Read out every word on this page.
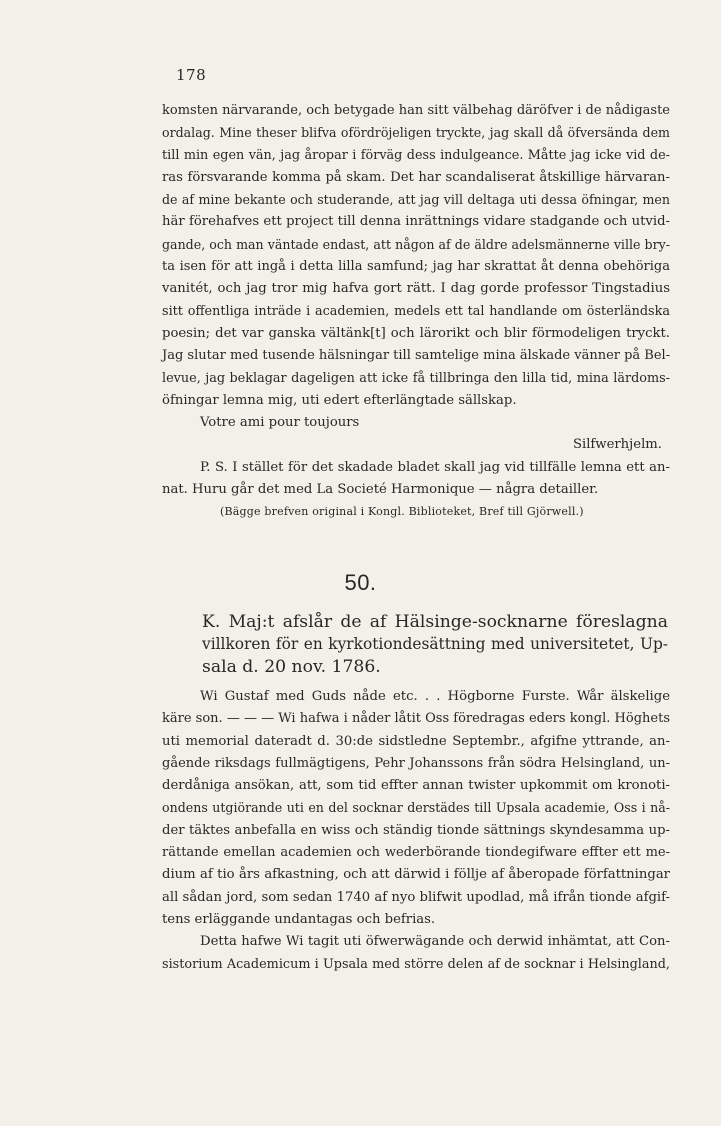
178
komsten närvarande, och betygade han sitt välbehag däröfver i de nådigaste
ordalag. Mine theser blifva ofördröjeligen tryckte, jag skall då öfversända dem
till min egen vän, jag åropar i förväg dess indulgeance. Måtte jag icke vid de-
ras försvarande komma på skam. Det har scandaliserat åtskillige härvaran-
de af mine bekante och studerande, att jag vill deltaga uti dessa öfningar, men
här förehafves ett project till denna inrättnings vidare stadgande och utvid-
gande, och man väntade endast, att någon af de äldre adelsmännerne ville bry-
ta isen för att ingå i detta lilla samfund; jag har skrattat åt denna obehöriga
vanitét, och jag tror mig hafva gort rätt. I dag gorde professor Tingstadius
sitt offentliga inträde i academien, medels ett tal handlande om österländska
poesin; det var ganska vältänk[t] och lärorikt och blir förmodeligen tryckt.
Jag slutar med tusende hälsningar till samtelige mina älskade vänner på Bel-
levue, jag beklagar dageligen att icke få tillbringa den lilla tid, mina lärdoms-
öfningar lemna mig, uti edert efterlängtade sällskap.
Votre ami pour toujours
Silfwerhjelm.
P. S. I stället för det skadade bladet skall jag vid tillfälle lemna ett an-
nat. Huru går det med La Societé Harmonique — några detailler.
(Bägge brefven original i Kongl. Biblioteket, Bref till Gjörwell.)
50.
K. Maj:t afslår de af Hälsinge-socknarne föreslagna
villkoren för en kyrkotiondesättning med universitetet, Up-
sala d. 20 nov. 1786.
Wi Gustaf med Guds nåde etc. . . Högborne Furste. Wår älskelige
käre son. — — — Wi hafwa i nåder låtit Oss föredragas eders kongl. Höghets
uti memorial dateradt d. 30:de sidstledne Septembr., afgifne yttrande, an-
gående riksdags fullmägtigens, Pehr Johanssons från södra Helsingland, un-
derdåniga ansökan, att, som tid effter annan twister upkommit om kronoti-
ondens utgiörande uti en del socknar derstädes till Upsala academie, Oss i nå-
der täktes anbefalla en wiss och ständig tionde sättnings skyndesamma up-
rättande emellan academien och wederbörande tiondegifware effter ett me-
dium af tio års afkastning, och att därwid i föllje af åberopade författningar
all sådan jord, som sedan 1740 af nyo blifwit upodlad, må ifrån tionde afgif-
tens erläggande undantagas och befrias.
Detta hafwe Wi tagit uti öfwerwägande och derwid inhämtat, att Con-
sistorium Academicum i Upsala med större delen af de socknar i Helsingland,
